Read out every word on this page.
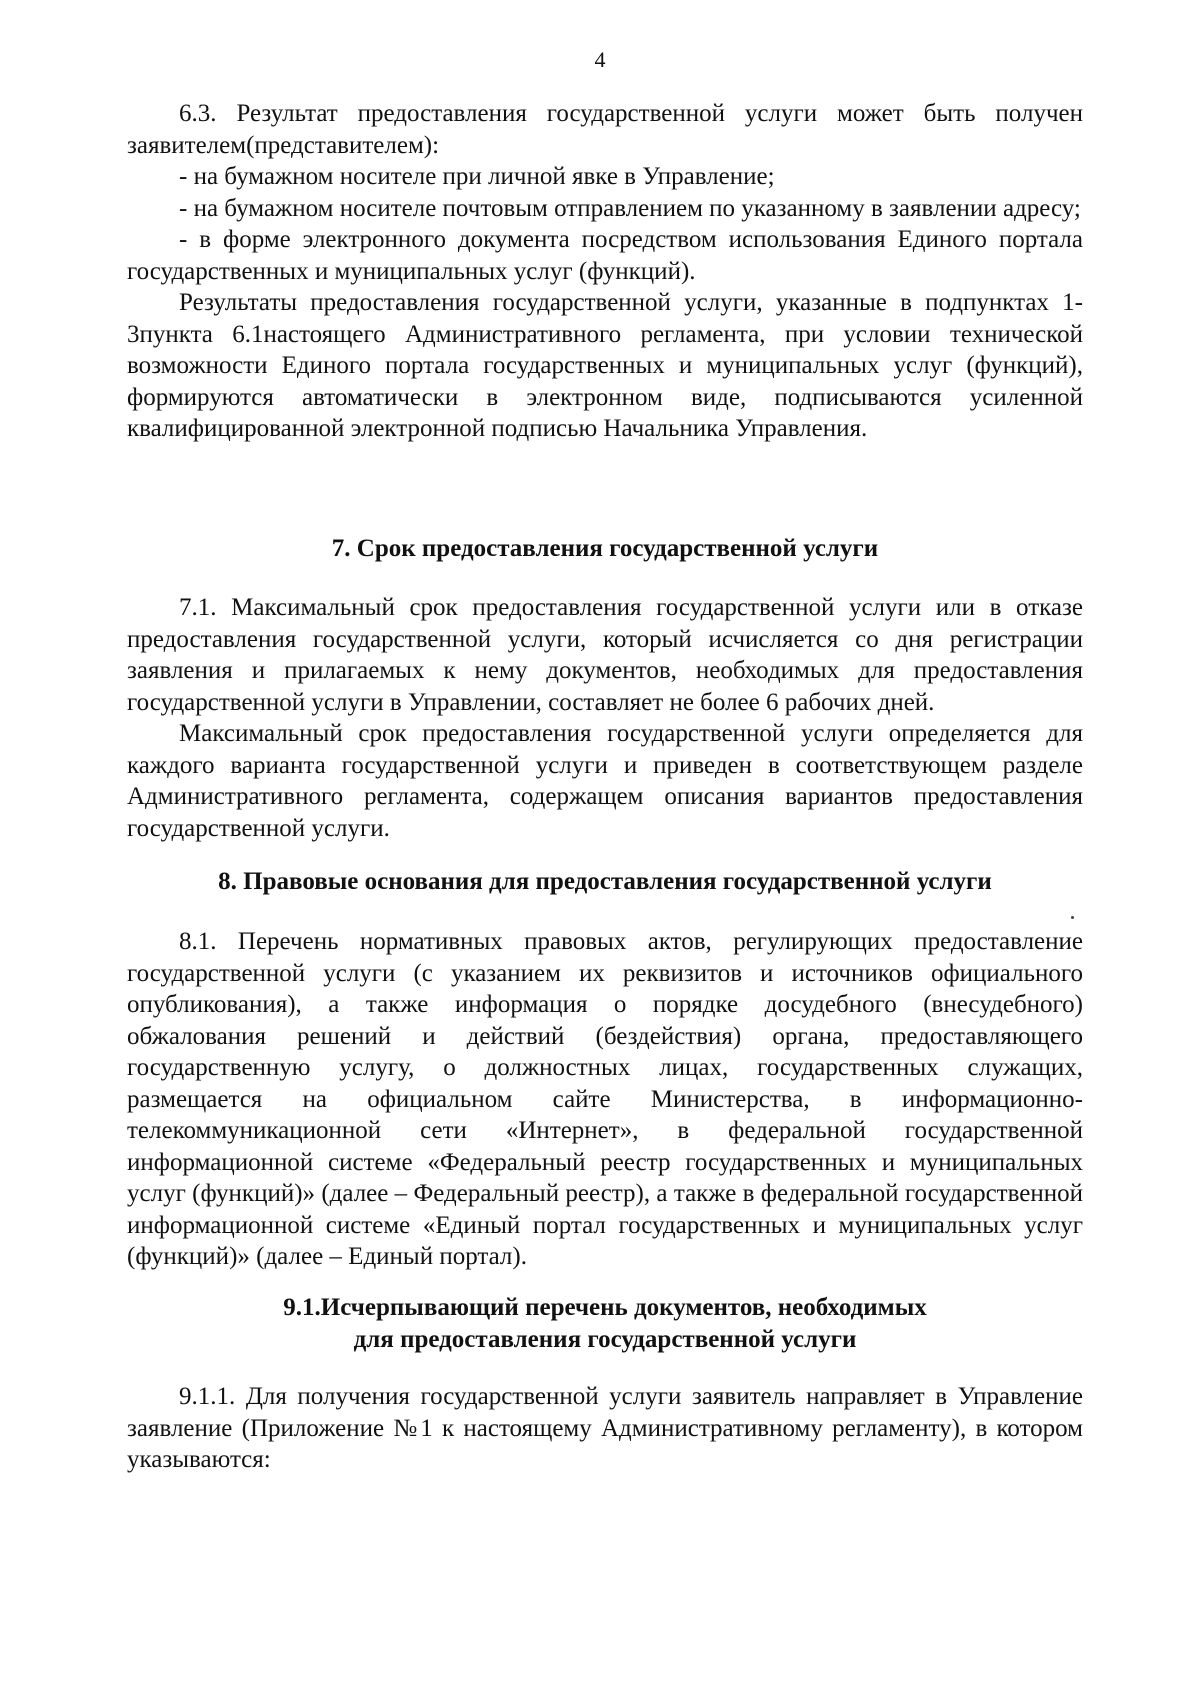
4

6.3. Результат предоставления государственной услуги может быть получен заявителем(представителем):

- на бумажном носителе при личной явке в Управление;

- на бумажном носителе почтовым отправлением по указанному в заявлении адресу;

- в форме электронного документа посредством использования Единого портала государственных и муниципальных услуг (функций).

Результаты предоставления государственной услуги, указанные в подпунктах 1-3пункта 6.1настоящего Административного регламента, при условии технической возможности Единого портала государственных и муниципальных услуг (функций), формируются автоматически в электронном виде, подписываются усиленной квалифицированной электронной подписью Начальника Управления.

7. Срок предоставления государственной услуги

7.1. Максимальный срок предоставления государственной услуги или в отказе предоставления государственной услуги, который исчисляется со дня регистрации заявления и прилагаемых к нему документов, необходимых для предоставления государственной услуги в Управлении, составляет не более 6 рабочих дней.

Максимальный срок предоставления государственной услуги определяется для каждого варианта государственной услуги и приведен в соответствующем разделе Административного регламента, содержащем описания вариантов предоставления государственной услуги.

8. Правовые основания для предоставления государственной услуги

8.1. Перечень нормативных правовых актов, регулирующих предоставление государственной услуги (с указанием их реквизитов и источников официального опубликования), а также информация о порядке досудебного (внесудебного) обжалования решений и действий (бездействия) органа, предоставляющего государственную услугу, о должностных лицах, государственных служащих, размещается на официальном сайте Министерства, в информационно-телекоммуникационной сети «Интернет», в федеральной государственной информационной системе «Федеральный реестр государственных и муниципальных услуг (функций)» (далее – Федеральный реестр), а также в федеральной государственной информационной системе «Единый портал государственных и муниципальных услуг (функций)» (далее – Единый портал).

9.1.Исчерпывающий перечень документов, необходимых
для предоставления государственной услуги

9.1.1. Для получения государственной услуги заявитель направляет в Управление заявление (Приложение №1 к настоящему Административному регламенту), в котором указываются:
